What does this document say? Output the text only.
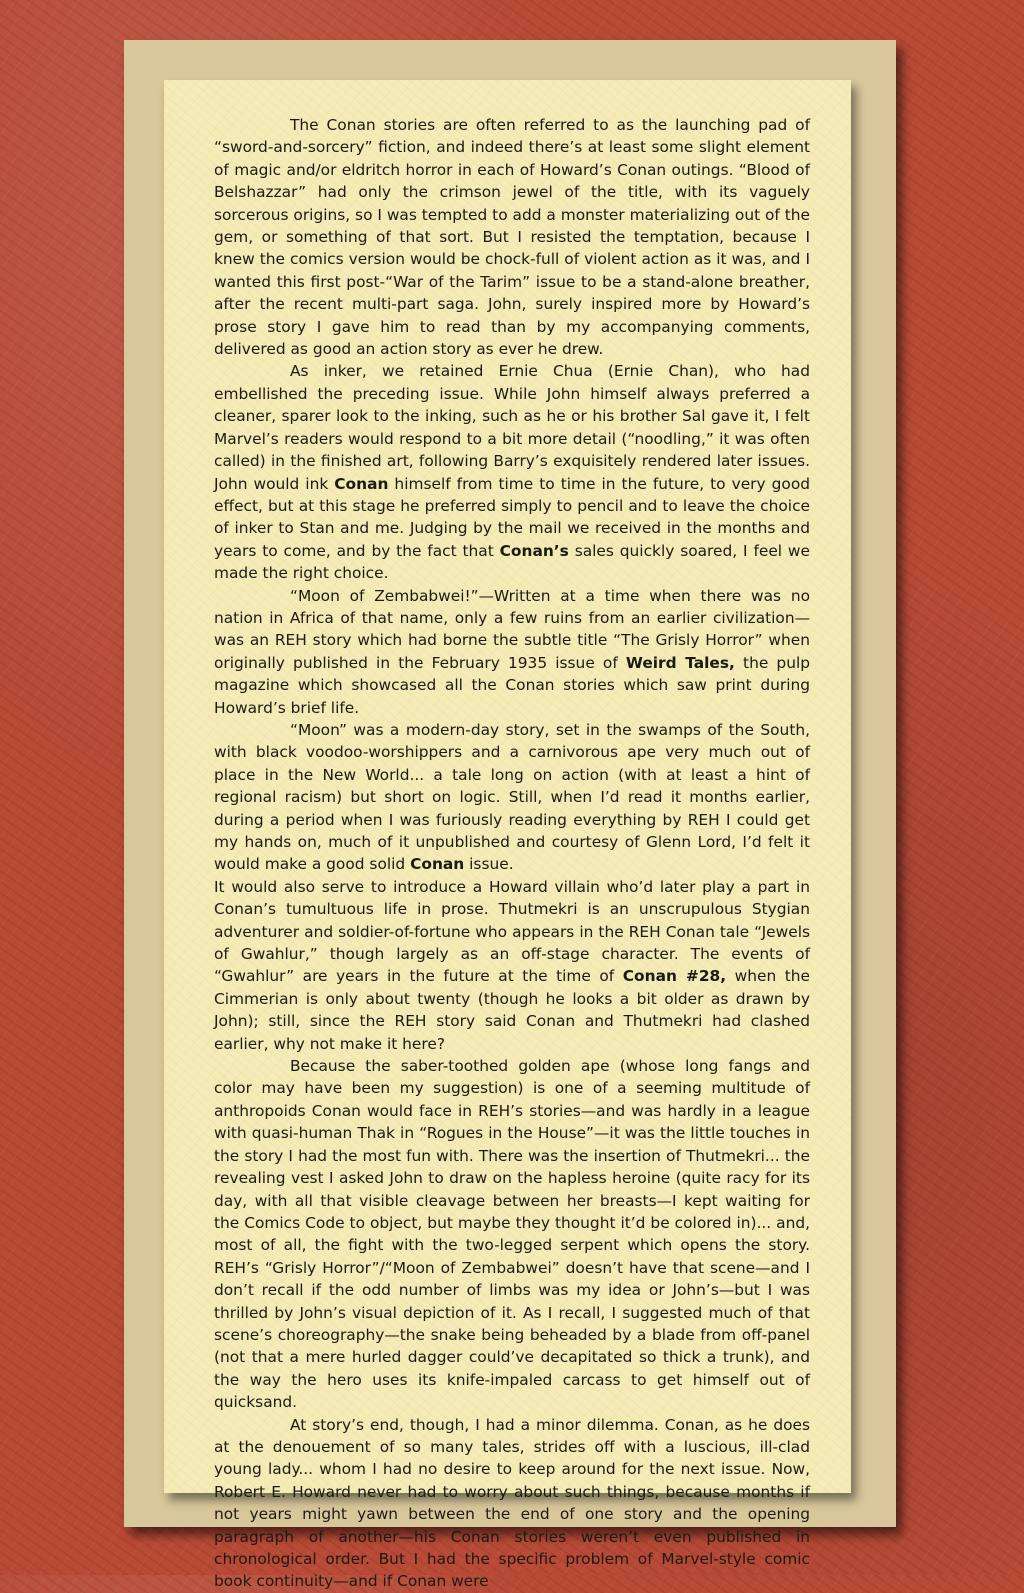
The Conan stories are often referred to as the launching pad of “sword-and-sorcery” fiction, and indeed there’s at least some slight element of magic and/or eldritch horror in each of Howard’s Conan outings. “Blood of Belshazzar” had only the crimson jewel of the title, with its vaguely sorcerous origins, so I was tempted to add a monster materializing out of the gem, or something of that sort. But I resisted the temptation, because I knew the comics version would be chock-full of violent action as it was, and I wanted this first post-“War of the Tarim” issue to be a stand-alone breather, after the recent multi-part saga. John, surely inspired more by Howard’s prose story I gave him to read than by my accompanying comments, delivered as good an action story as ever he drew.

As inker, we retained Ernie Chua (Ernie Chan), who had embellished the preceding issue. While John himself always preferred a cleaner, sparer look to the inking, such as he or his brother Sal gave it, I felt Marvel’s readers would respond to a bit more detail (“noodling,” it was often called) in the finished art, following Barry’s exquisitely rendered later issues. John would ink Conan himself from time to time in the future, to very good effect, but at this stage he preferred simply to pencil and to leave the choice of inker to Stan and me. Judging by the mail we received in the months and years to come, and by the fact that Conan’s sales quickly soared, I feel we made the right choice.

“Moon of Zembabwei!”—Written at a time when there was no nation in Africa of that name, only a few ruins from an earlier civilization—was an REH story which had borne the subtle title “The Grisly Horror” when originally published in the February 1935 issue of Weird Tales, the pulp magazine which showcased all the Conan stories which saw print during Howard’s brief life.

“Moon” was a modern-day story, set in the swamps of the South, with black voodoo-worshippers and a carnivorous ape very much out of place in the New World... a tale long on action (with at least a hint of regional racism) but short on logic. Still, when I’d read it months earlier, during a period when I was furiously reading everything by REH I could get my hands on, much of it unpublished and courtesy of Glenn Lord, I’d felt it would make a good solid Conan issue.

It would also serve to introduce a Howard villain who’d later play a part in Conan’s tumultuous life in prose. Thutmekri is an unscrupulous Stygian adventurer and soldier-of-fortune who appears in the REH Conan tale “Jewels of Gwahlur,” though largely as an off-stage character. The events of “Gwahlur” are years in the future at the time of Conan #28, when the Cimmerian is only about twenty (though he looks a bit older as drawn by John); still, since the REH story said Conan and Thutmekri had clashed earlier, why not make it here?

Because the saber-toothed golden ape (whose long fangs and color may have been my suggestion) is one of a seeming multitude of anthropoids Conan would face in REH’s stories—and was hardly in a league with quasi-human Thak in “Rogues in the House”—it was the little touches in the story I had the most fun with. There was the insertion of Thutmekri... the revealing vest I asked John to draw on the hapless heroine (quite racy for its day, with all that visible cleavage between her breasts—I kept waiting for the Comics Code to object, but maybe they thought it’d be colored in)... and, most of all, the fight with the two-legged serpent which opens the story. REH’s “Grisly Horror”/“Moon of Zembabwei” doesn’t have that scene—and I don’t recall if the odd number of limbs was my idea or John’s—but I was thrilled by John’s visual depiction of it. As I recall, I suggested much of that scene’s choreography—the snake being beheaded by a blade from off-panel (not that a mere hurled dagger could’ve decapitated so thick a trunk), and the way the hero uses its knife-impaled carcass to get himself out of quicksand.

At story’s end, though, I had a minor dilemma. Conan, as he does at the denouement of so many tales, strides off with a luscious, ill-clad young lady... whom I had no desire to keep around for the next issue. Now, Robert E. Howard never had to worry about such things, because months if not years might yawn between the end of one story and the opening paragraph of another—his Conan stories weren’t even published in chronological order. But I had the specific problem of Marvel-style comic book continuity—and if Conan were
